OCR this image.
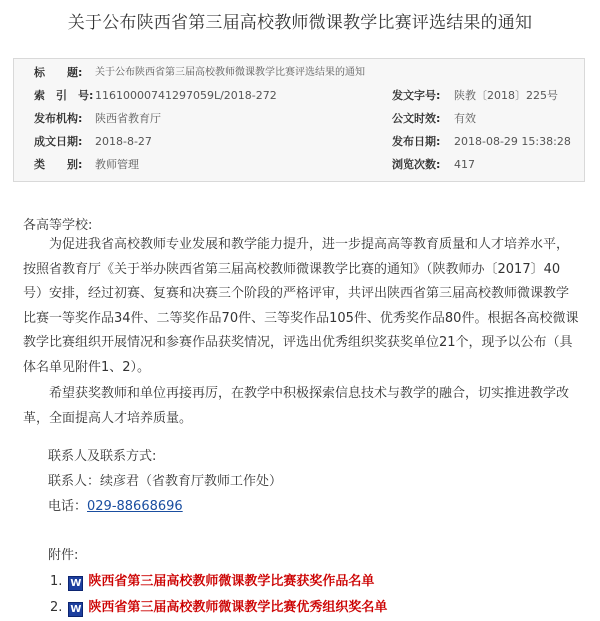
关于公布陕西省第三届高校教师微课教学比赛评选结果的通知
标　　题: 关于公布陕西省第三届高校教师微课教学比赛评选结果的通知
索　引　号: 11610000741297059L/2018-272	发文字号: 陕教〔2018〕225号
发布机构: 陕西省教育厅	公文时效: 有效
成文日期: 2018-8-27	发布日期: 2018-08-29 15:38:28
类　　别: 教师管理	浏览次数: 417
各高等学校:
为促进我省高校教师专业发展和教学能力提升，进一步提高高等教育质量和人才培养水平，按照省教育厅《关于举办陕西省第三届高校教师微课教学比赛的通知》（陕教师办〔2017〕40号）安排，经过初赛、复赛和决赛三个阶段的严格评审，共评出陕西省第三届高校教师微课教学比赛一等奖作品34件、二等奖作品70件、三等奖作品105件、优秀奖作品80件。根据各高校微课教学比赛组织开展情况和参赛作品获奖情况，评选出优秀组织奖获奖单位21个，现予以公布（具体名单见附件1、2）。
希望获奖教师和单位再接再厉，在教学中积极探索信息技术与教学的融合，切实推进教学改革，全面提高人才培养质量。
联系人及联系方式:
联系人：续彦君（省教育厅教师工作处）
电话：029-88668696
附件:
1. W 陕西省第三届高校教师微课教学比赛获奖作品名单
2. W 陕西省第三届高校教师微课教学比赛优秀组织奖名单
